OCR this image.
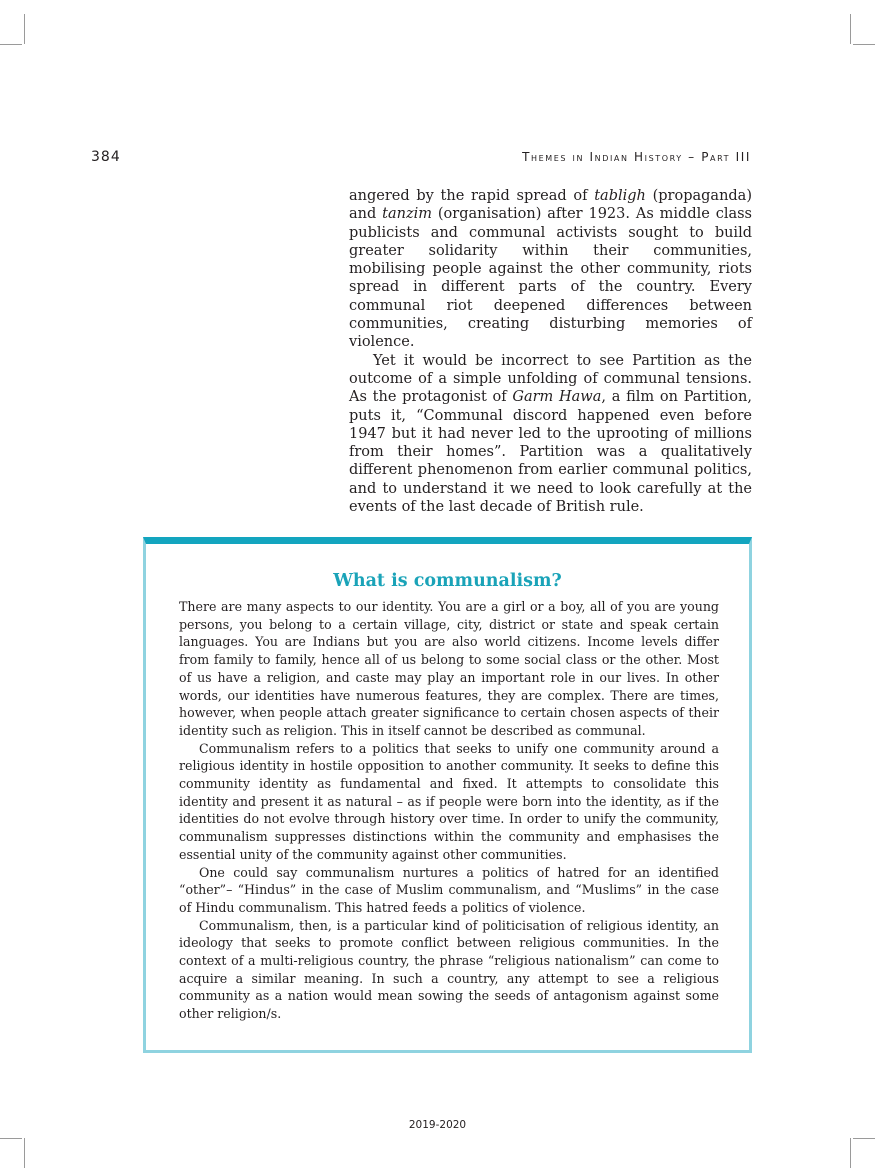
384	Themes in Indian History – Part III

angered by the rapid spread of tabligh (propaganda) and tanzim (organisation) after 1923. As middle class publicists and communal activists sought to build greater solidarity within their communities, mobilising people against the other community, riots spread in different parts of the country. Every communal riot deepened differences between communities, creating disturbing memories of violence.

Yet it would be incorrect to see Partition as the outcome of a simple unfolding of communal tensions. As the protagonist of Garm Hawa, a film on Partition, puts it, “Communal discord happened even before 1947 but it had never led to the uprooting of millions from their homes”. Partition was a qualitatively different phenomenon from earlier communal politics, and to understand it we need to look carefully at the events of the last decade of British rule.

What is communalism?

There are many aspects to our identity. You are a girl or a boy, all of you are young persons, you belong to a certain village, city, district or state and speak certain languages. You are Indians but you are also world citizens. Income levels differ from family to family, hence all of us belong to some social class or the other. Most of us have a religion, and caste may play an important role in our lives. In other words, our identities have numerous features, they are complex. There are times, however, when people attach greater significance to certain chosen aspects of their identity such as religion. This in itself cannot be described as communal.

Communalism refers to a politics that seeks to unify one community around a religious identity in hostile opposition to another community. It seeks to define this community identity as fundamental and fixed. It attempts to consolidate this identity and present it as natural – as if people were born into the identity, as if the identities do not evolve through history over time. In order to unify the community, communalism suppresses distinctions within the community and emphasises the essential unity of the community against other communities.

One could say communalism nurtures a politics of hatred for an identified “other”– “Hindus” in the case of Muslim communalism, and “Muslims” in the case of Hindu communalism. This hatred feeds a politics of violence.

Communalism, then, is a particular kind of politicisation of religious identity, an ideology that seeks to promote conflict between religious communities. In the context of a multi-religious country, the phrase “religious nationalism” can come to acquire a similar meaning. In such a country, any attempt to see a religious community as a nation would mean sowing the seeds of antagonism against some other religion/s.

2019-2020
